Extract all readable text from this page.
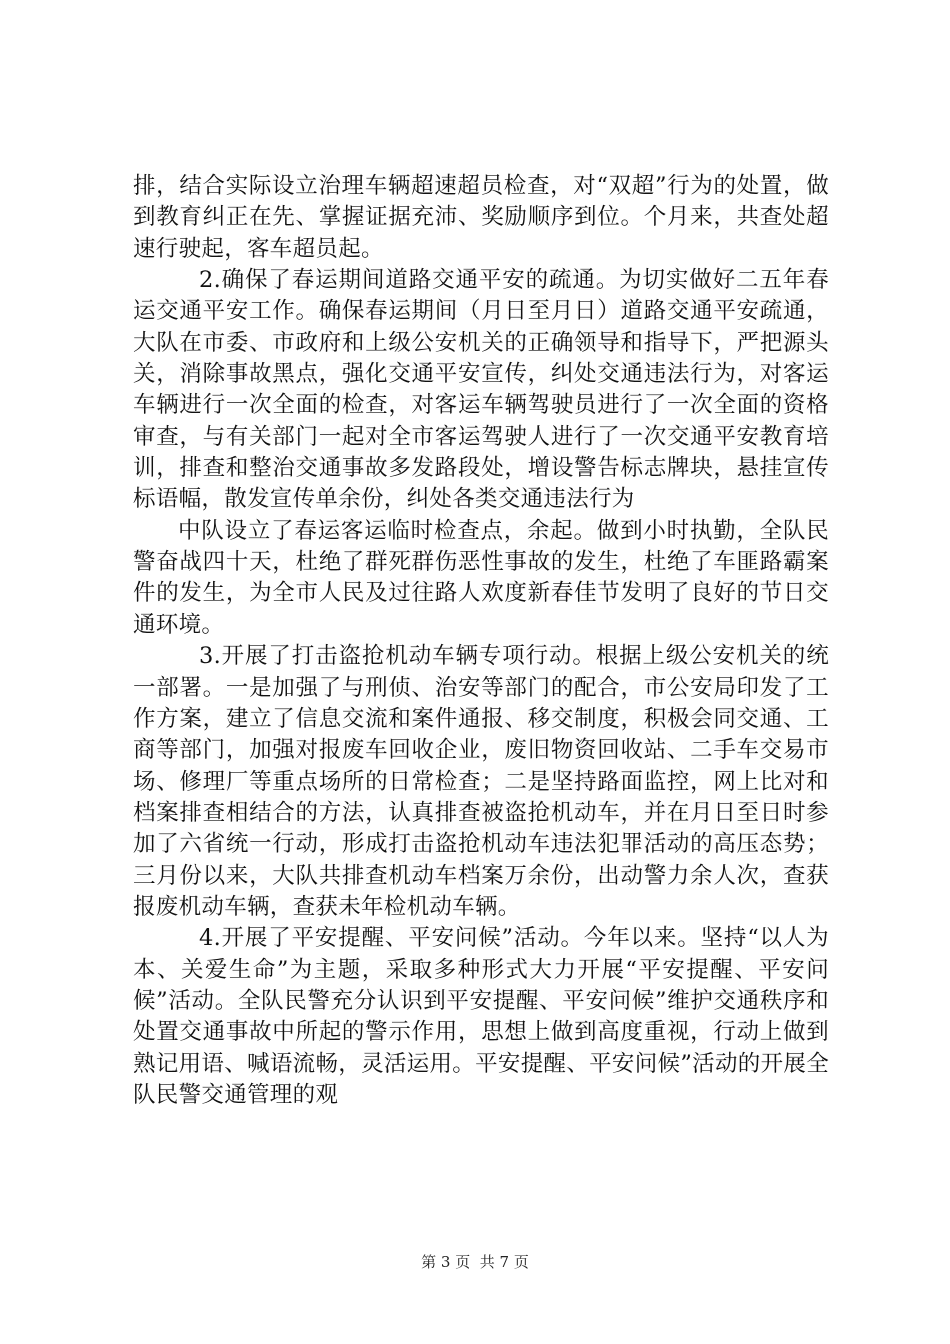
排，结合实际设立治理车辆超速超员检查，对“双超”行为的处置，做到教育纠正在先、掌握证据充沛、奖励顺序到位。个月来，共查处超速行驶起，客车超员起。

2.确保了春运期间道路交通平安的疏通。为切实做好二五年春运交通平安工作。确保春运期间（月日至月日）道路交通平安疏通，大队在市委、市政府和上级公安机关的正确领导和指导下，严把源头关，消除事故黑点，强化交通平安宣传，纠处交通违法行为，对客运车辆进行一次全面的检查，对客运车辆驾驶员进行了一次全面的资格审查，与有关部门一起对全市客运驾驶人进行了一次交通平安教育培训，排查和整治交通事故多发路段处，增设警告标志牌块，悬挂宣传标语幅，散发宣传单余份，纠处各类交通违法行为

中队设立了春运客运临时检查点，余起。做到小时执勤，全队民警奋战四十天，杜绝了群死群伤恶性事故的发生，杜绝了车匪路霸案件的发生，为全市人民及过往路人欢度新春佳节发明了良好的节日交通环境。

3.开展了打击盗抢机动车辆专项行动。根据上级公安机关的统一部署。一是加强了与刑侦、治安等部门的配合，市公安局印发了工作方案，建立了信息交流和案件通报、移交制度，积极会同交通、工商等部门，加强对报废车回收企业，废旧物资回收站、二手车交易市场、修理厂等重点场所的日常检查；二是坚持路面监控，网上比对和档案排查相结合的方法，认真排查被盗抢机动车，并在月日至日时参加了六省统一行动，形成打击盗抢机动车违法犯罪活动的高压态势；三月份以来，大队共排查机动车档案万余份，出动警力余人次，查获报废机动车辆，查获未年检机动车辆。

4.开展了平安提醒、平安问候”活动。今年以来。坚持“以人为本、关爱生命”为主题，采取多种形式大力开展“平安提醒、平安问候”活动。全队民警充分认识到平安提醒、平安问候”维护交通秩序和处置交通事故中所起的警示作用，思想上做到高度重视，行动上做到熟记用语、喊语流畅，灵活运用。平安提醒、平安问候”活动的开展全队民警交通管理的观

第 3 页 共 7 页
